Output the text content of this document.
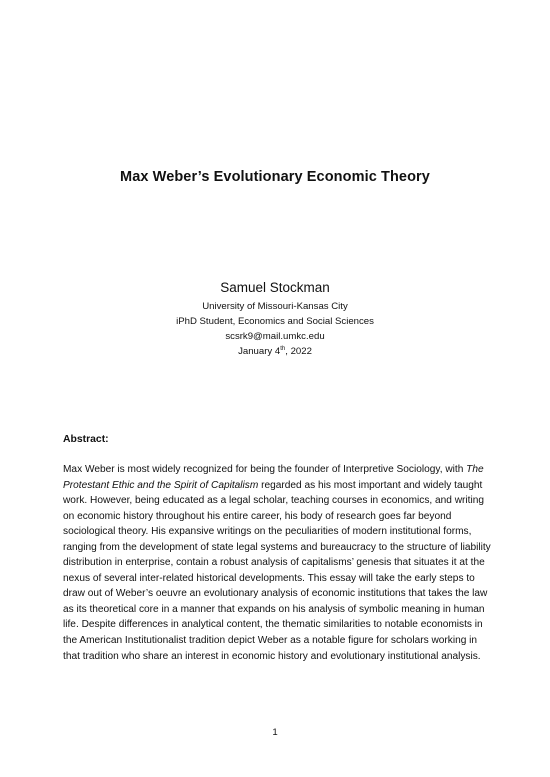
Max Weber’s Evolutionary Economic Theory

Samuel Stockman

University of Missouri-Kansas City

iPhD Student, Economics and Social Sciences

scsrk9@mail.umkc.edu

January 4th, 2022

Abstract:

Max Weber is most widely recognized for being the founder of Interpretive Sociology, with The Protestant Ethic and the Spirit of Capitalism regarded as his most important and widely taught work. However, being educated as a legal scholar, teaching courses in economics, and writing on economic history throughout his entire career, his body of research goes far beyond sociological theory. His expansive writings on the peculiarities of modern institutional forms, ranging from the development of state legal systems and bureaucracy to the structure of liability distribution in enterprise, contain a robust analysis of capitalisms’ genesis that situates it at the nexus of several inter-related historical developments. This essay will take the early steps to draw out of Weber’s oeuvre an evolutionary analysis of economic institutions that takes the law as its theoretical core in a manner that expands on his analysis of symbolic meaning in human life. Despite differences in analytical content, the thematic similarities to notable economists in the American Institutionalist tradition depict Weber as a notable figure for scholars working in that tradition who share an interest in economic history and evolutionary institutional analysis.

1
